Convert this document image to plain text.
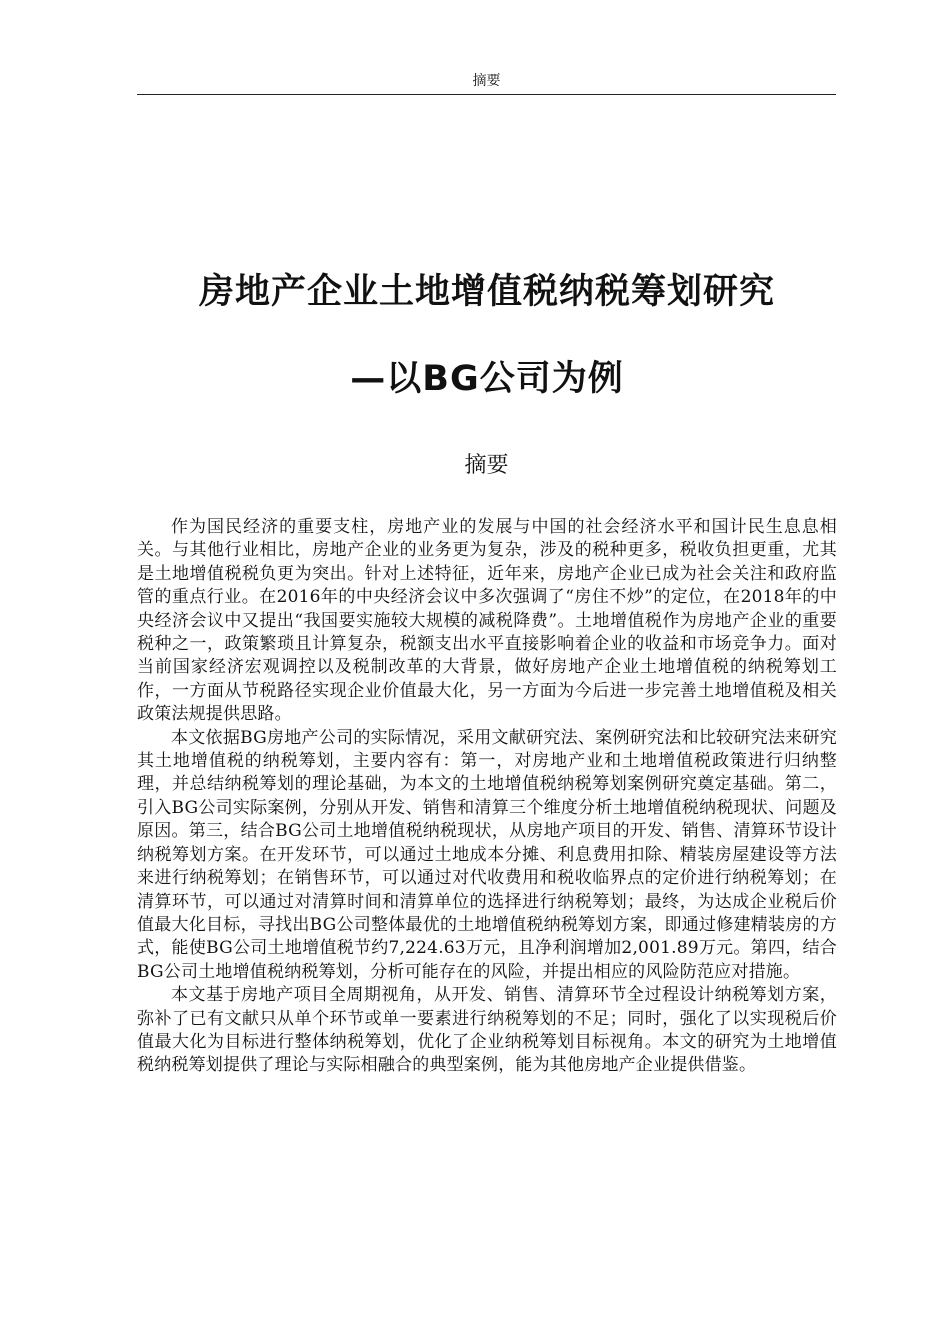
摘要
房地产企业土地增值税纳税筹划研究
—以BG公司为例
摘要

作为国民经济的重要支柱，房地产业的发展与中国的社会经济水平和国计民生息息相关。与其他行业相比，房地产企业的业务更为复杂，涉及的税种更多，税收负担更重，尤其是土地增值税税负更为突出。针对上述特征，近年来，房地产企业已成为社会关注和政府监管的重点行业。在2016年的中央经济会议中多次强调了“房住不炒”的定位，在2018年的中央经济会议中又提出“我国要实施较大规模的减税降费”。土地增值税作为房地产企业的重要税种之一，政策繁琐且计算复杂，税额支出水平直接影响着企业的收益和市场竞争力。面对当前国家经济宏观调控以及税制改革的大背景，做好房地产企业土地增值税的纳税筹划工作，一方面从节税路径实现企业价值最大化，另一方面为今后进一步完善土地增值税及相关政策法规提供思路。

本文依据BG房地产公司的实际情况，采用文献研究法、案例研究法和比较研究法来研究其土地增值税的纳税筹划，主要内容有：第一，对房地产业和土地增值税政策进行归纳整理，并总结纳税筹划的理论基础，为本文的土地增值税纳税筹划案例研究奠定基础。第二，引入BG公司实际案例，分别从开发、销售和清算三个维度分析土地增值税纳税现状、问题及原因。第三，结合BG公司土地增值税纳税现状，从房地产项目的开发、销售、清算环节设计纳税筹划方案。在开发环节，可以通过土地成本分摊、利息费用扣除、精装房屋建设等方法来进行纳税筹划；在销售环节，可以通过对代收费用和税收临界点的定价进行纳税筹划；在清算环节，可以通过对清算时间和清算单位的选择进行纳税筹划；最终，为达成企业税后价值最大化目标，寻找出BG公司整体最优的土地增值税纳税筹划方案，即通过修建精装房的方式，能使BG公司土地增值税节约7,224.63万元，且净利润增加2,001.89万元。第四，结合BG公司土地增值税纳税筹划，分析可能存在的风险，并提出相应的风险防范应对措施。

本文基于房地产项目全周期视角，从开发、销售、清算环节全过程设计纳税筹划方案，弥补了已有文献只从单个环节或单一要素进行纳税筹划的不足；同时，强化了以实现税后价值最大化为目标进行整体纳税筹划，优化了企业纳税筹划目标视角。本文的研究为土地增值税纳税筹划提供了理论与实际相融合的典型案例，能为其他房地产企业提供借鉴。
